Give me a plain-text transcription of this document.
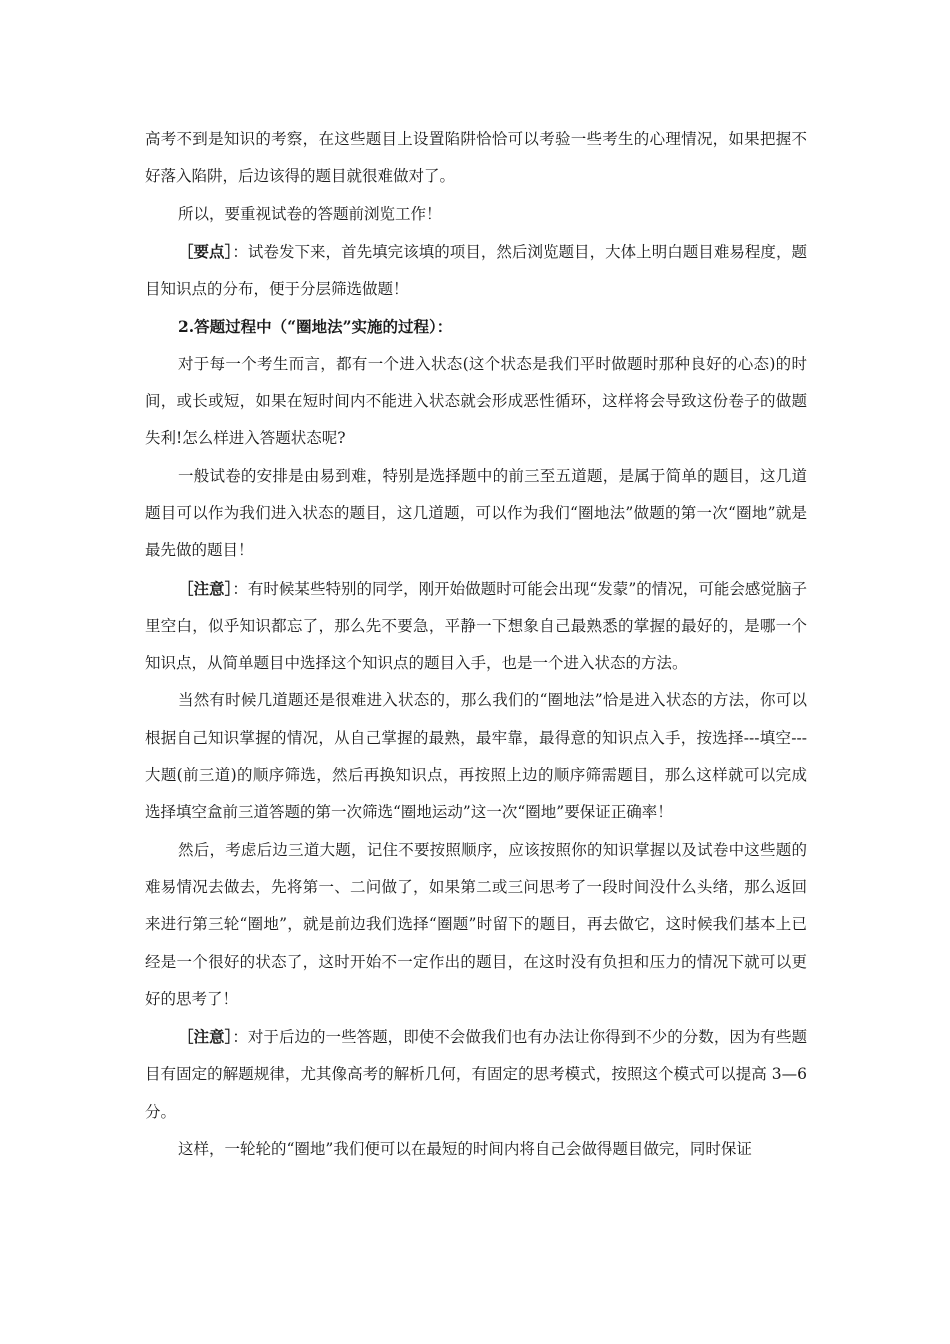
高考不到是知识的考察，在这些题目上设置陷阱恰恰可以考验一些考生的心理情况，如果把握不好落入陷阱，后边该得的题目就很难做对了。

所以，要重视试卷的答题前浏览工作！

［要点］：试卷发下来，首先填完该填的项目，然后浏览题目，大体上明白题目难易程度，题目知识点的分布，便于分层筛选做题！

2.答题过程中（“圈地法”实施的过程）：

对于每一个考生而言，都有一个进入状态(这个状态是我们平时做题时那种良好的心态)的时间，或长或短，如果在短时间内不能进入状态就会形成恶性循环，这样将会导致这份卷子的做题失利!怎么样进入答题状态呢?

一般试卷的安排是由易到难，特别是选择题中的前三至五道题，是属于简单的题目，这几道题目可以作为我们进入状态的题目，这几道题，可以作为我们“圈地法”做题的第一次“圈地”就是最先做的题目！

［注意］：有时候某些特别的同学，刚开始做题时可能会出现“发蒙”的情况，可能会感觉脑子里空白，似乎知识都忘了，那么先不要急，平静一下想象自己最熟悉的掌握的最好的，是哪一个知识点，从简单题目中选择这个知识点的题目入手，也是一个进入状态的方法。

当然有时候几道题还是很难进入状态的，那么我们的“圈地法”恰是进入状态的方法，你可以根据自己知识掌握的情况，从自己掌握的最熟，最牢靠，最得意的知识点入手，按选择---填空---大题(前三道)的顺序筛选，然后再换知识点，再按照上边的顺序筛需题目，那么这样就可以完成选择填空盒前三道答题的第一次筛选“圈地运动”这一次“圈地”要保证正确率！

然后，考虑后边三道大题，记住不要按照顺序，应该按照你的知识掌握以及试卷中这些题的难易情况去做去，先将第一、二问做了，如果第二或三问思考了一段时间没什么头绪，那么返回来进行第三轮“圈地”，就是前边我们选择“圈题”时留下的题目，再去做它，这时候我们基本上已经是一个很好的状态了，这时开始不一定作出的题目，在这时没有负担和压力的情况下就可以更好的思考了！

［注意］：对于后边的一些答题，即使不会做我们也有办法让你得到不少的分数，因为有些题目有固定的解题规律，尤其像高考的解析几何，有固定的思考模式，按照这个模式可以提高 3—6 分。

这样，一轮轮的“圈地”我们便可以在最短的时间内将自己会做得题目做完，同时保证
